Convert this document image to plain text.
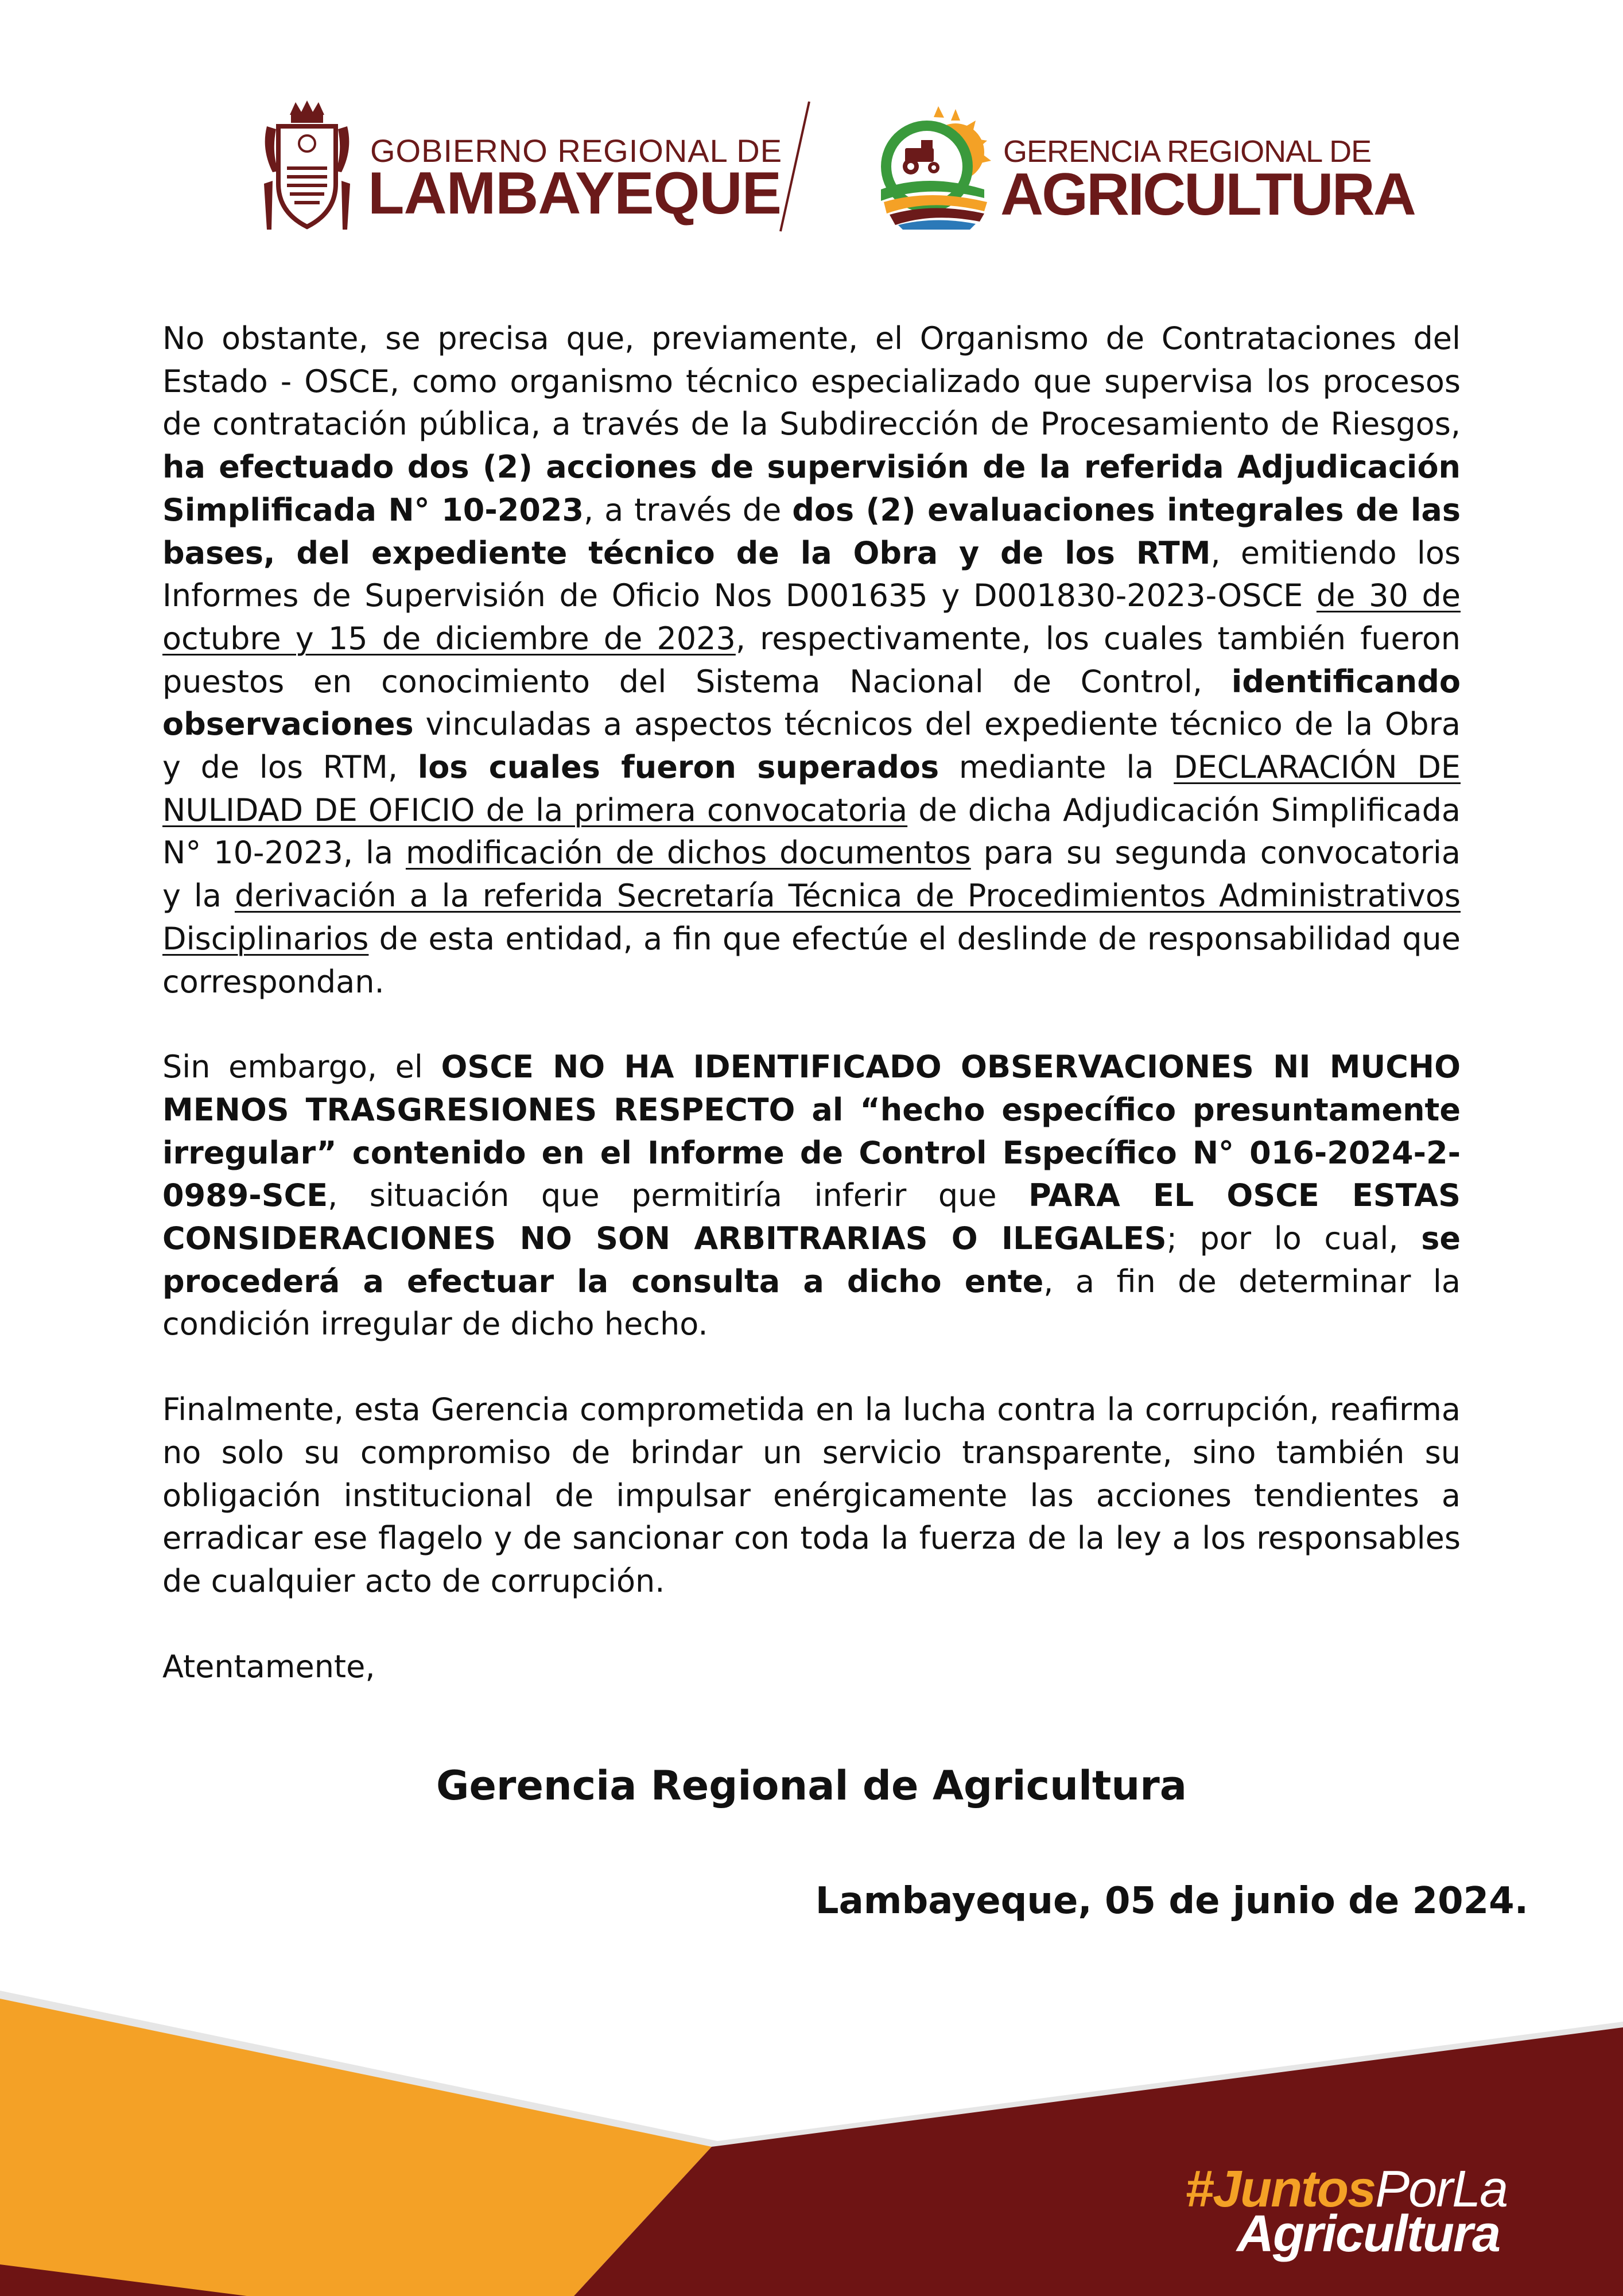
GOBIERNO REGIONAL DE
LAMBAYEQUE
GERENCIA REGIONAL DE
AGRICULTURA

No obstante, se precisa que, previamente, el Organismo de Contrataciones del Estado - OSCE, como organismo técnico especializado que supervisa los procesos de contratación pública, a través de la Subdirección de Procesamiento de Riesgos, ha efectuado dos (2) acciones de supervisión de la referida Adjudicación Simplificada N° 10-2023, a través de dos (2) evaluaciones integrales de las bases, del expediente técnico de la Obra y de los RTM, emitiendo los Informes de Supervisión de Oficio Nos D001635 y D001830-2023-OSCE de 30 de octubre y 15 de diciembre de 2023, respectivamente, los cuales también fueron puestos en conocimiento del Sistema Nacional de Control, identificando observaciones vinculadas a aspectos técnicos del expediente técnico de la Obra y de los RTM, los cuales fueron superados mediante la DECLARACIÓN DE NULIDAD DE OFICIO de la primera convocatoria de dicha Adjudicación Simplificada N° 10-2023, la modificación de dichos documentos para su segunda convocatoria y la derivación a la referida Secretaría Técnica de Procedimientos Administrativos Disciplinarios de esta entidad, a fin que efectúe el deslinde de responsabilidad que correspondan.

Sin embargo, el OSCE NO HA IDENTIFICADO OBSERVACIONES NI MUCHO MENOS TRASGRESIONES RESPECTO al “hecho específico presuntamente irregular” contenido en el Informe de Control Específico N° 016-2024-2-0989-SCE, situación que permitiría inferir que PARA EL OSCE ESTAS CONSIDERACIONES NO SON ARBITRARIAS O ILEGALES; por lo cual, se procederá a efectuar la consulta a dicho ente, a fin de determinar la condición irregular de dicho hecho.

Finalmente, esta Gerencia comprometida en la lucha contra la corrupción, reafirma no solo su compromiso de brindar un servicio transparente, sino también su obligación institucional de impulsar enérgicamente las acciones tendientes a erradicar ese flagelo y de sancionar con toda la fuerza de la ley a los responsables de cualquier acto de corrupción.

Atentamente,

Gerencia Regional de Agricultura
Lambayeque, 05 de junio de 2024.
#JuntosPorLa
Agricultura
